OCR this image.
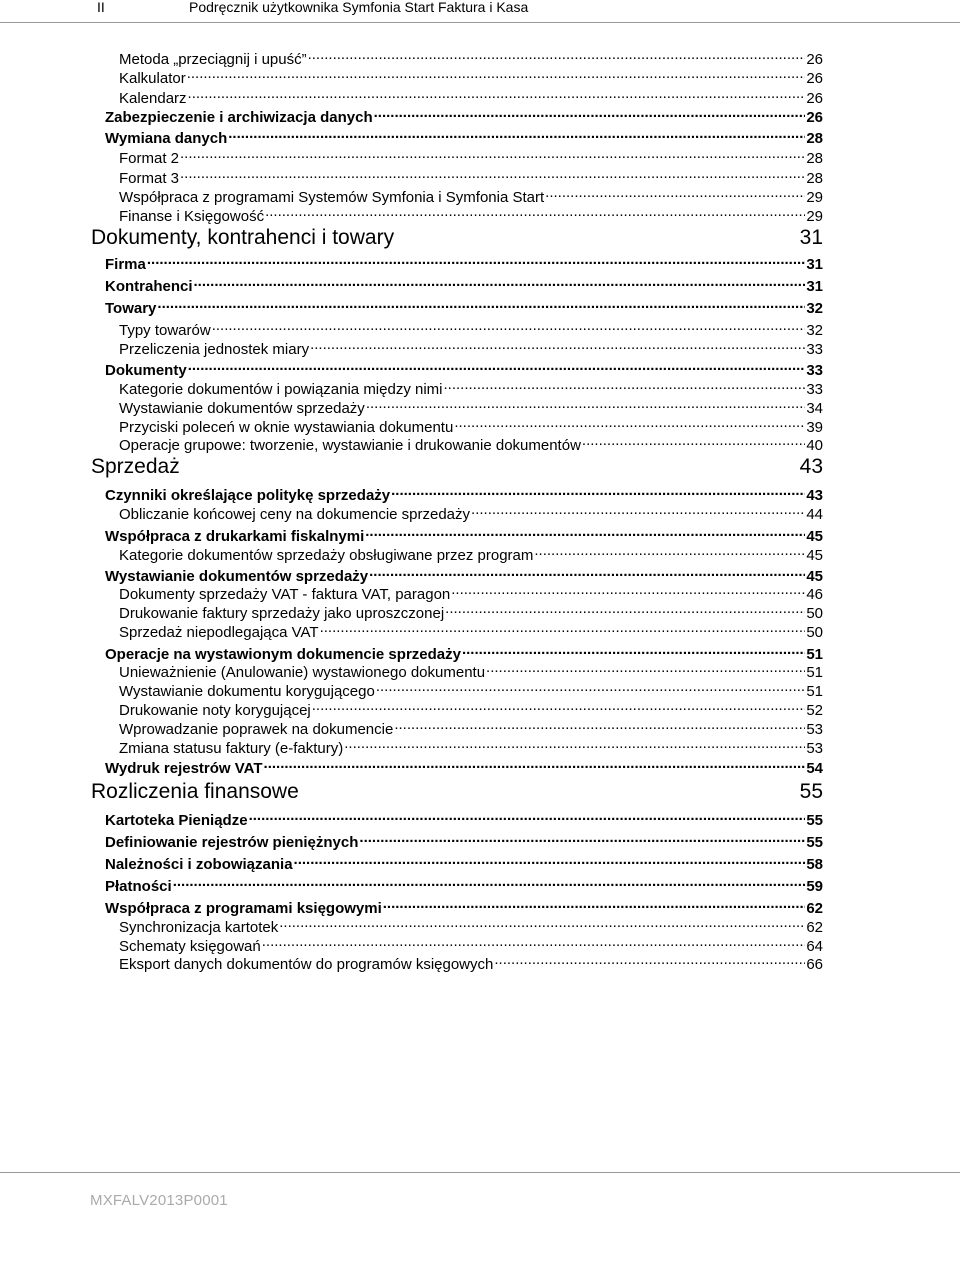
II	Podręcznik użytkownika Symfonia Start Faktura i Kasa
Metoda „przeciągnij i upuść” .....	26
Kalkulator .....	26
Kalendarz .....	26
Zabezpieczenie i archiwizacja danych .....	26
Wymiana danych .....	28
Format 2 .....	28
Format 3 .....	28
Współpraca z programami Systemów Symfonia i Symfonia Start .....	29
Finanse i Księgowość .....	29
Dokumenty, kontrahenci i towary	31
Firma .....	31
Kontrahenci .....	31
Towary .....	32
Typy towarów .....	32
Przeliczenia jednostek miary .....	33
Dokumenty .....	33
Kategorie dokumentów i powiązania między nimi .....	33
Wystawianie dokumentów sprzedaży .....	34
Przyciski poleceń w oknie wystawiania dokumentu .....	39
Operacje grupowe: tworzenie, wystawianie i drukowanie dokumentów .....	40
Sprzedaż	43
Czynniki określające politykę sprzedaży .....	43
Obliczanie końcowej ceny na dokumencie sprzedaży .....	44
Współpraca z drukarkami fiskalnymi .....	45
Kategorie dokumentów sprzedaży obsługiwane przez program .....	45
Wystawianie dokumentów sprzedaży .....	45
Dokumenty sprzedaży VAT - faktura VAT, paragon .....	46
Drukowanie faktury sprzedaży jako uproszczonej .....	50
Sprzedaż niepodlegająca VAT .....	50
Operacje na wystawionym dokumencie sprzedaży .....	51
Unieważnienie (Anulowanie) wystawionego dokumentu .....	51
Wystawianie dokumentu korygującego .....	51
Drukowanie noty korygującej .....	52
Wprowadzanie poprawek na dokumencie .....	53
Zmiana statusu faktury (e-faktury) .....	53
Wydruk rejestrów VAT .....	54
Rozliczenia finansowe	55
Kartoteka Pieniądze .....	55
Definiowanie rejestrów pieniężnych .....	55
Należności i zobowiązania .....	58
Płatności .....	59
Współpraca z programami księgowymi .....	62
Synchronizacja kartotek .....	62
Schematy księgowań .....	64
Eksport danych dokumentów do programów księgowych .....	66
MXFALV2013P0001
